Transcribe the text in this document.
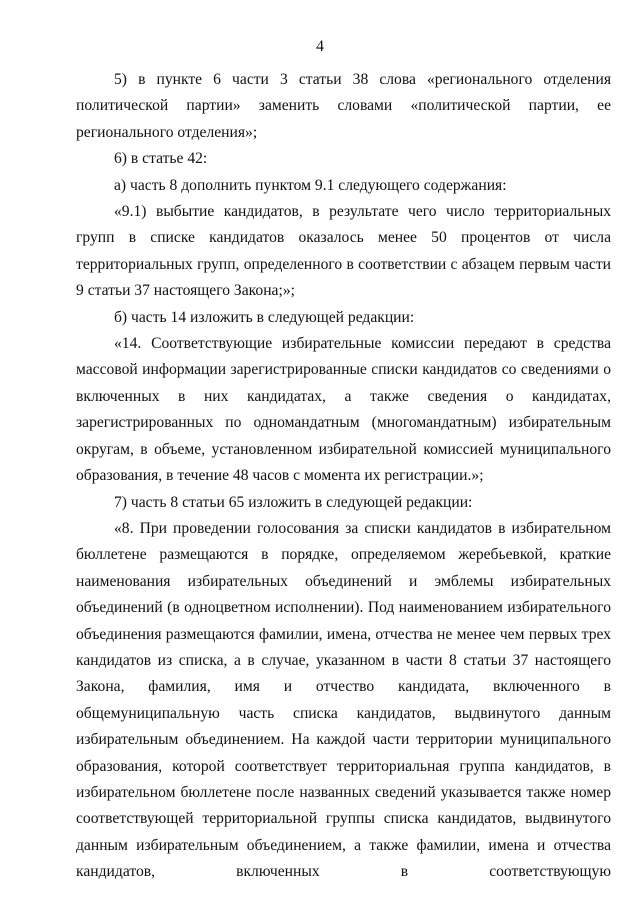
4

5) в пункте 6 части 3 статьи 38 слова «регионального отделения политической партии» заменить словами «политической партии, ее регионального отделения»;

6) в статье 42:

а) часть 8 дополнить пунктом 9.1 следующего содержания:

«9.1) выбытие кандидатов, в результате чего число территориальных групп в списке кандидатов оказалось менее 50 процентов от числа территориальных групп, определенного в соответствии с абзацем первым части 9 статьи 37 настоящего Закона;»;

б) часть 14 изложить в следующей редакции:

«14. Соответствующие избирательные комиссии передают в средства массовой информации зарегистрированные списки кандидатов со сведениями о включенных в них кандидатах, а также сведения о кандидатах, зарегистрированных по одномандатным (многомандатным) избирательным округам, в объеме, установленном избирательной комиссией муниципального образования, в течение 48 часов с момента их регистрации.»;

7) часть 8 статьи 65 изложить в следующей редакции:

«8. При проведении голосования за списки кандидатов в избирательном бюллетене размещаются в порядке, определяемом жеребьевкой, краткие наименования избирательных объединений и эмблемы избирательных объединений (в одноцветном исполнении). Под наименованием избирательного объединения размещаются фамилии, имена, отчества не менее чем первых трех кандидатов из списка, а в случае, указанном в части 8 статьи 37 настоящего Закона, фамилия, имя и отчество кандидата, включенного в общемуниципальную часть списка кандидатов, выдвинутого данным избирательным объединением. На каждой части территории муниципального образования, которой соответствует территориальная группа кандидатов, в избирательном бюллетене после названных сведений указывается также номер соответствующей территориальной группы списка кандидатов, выдвинутого данным избирательным объединением, а также фамилии, имена и отчества кандидатов, включенных в соответствующую
